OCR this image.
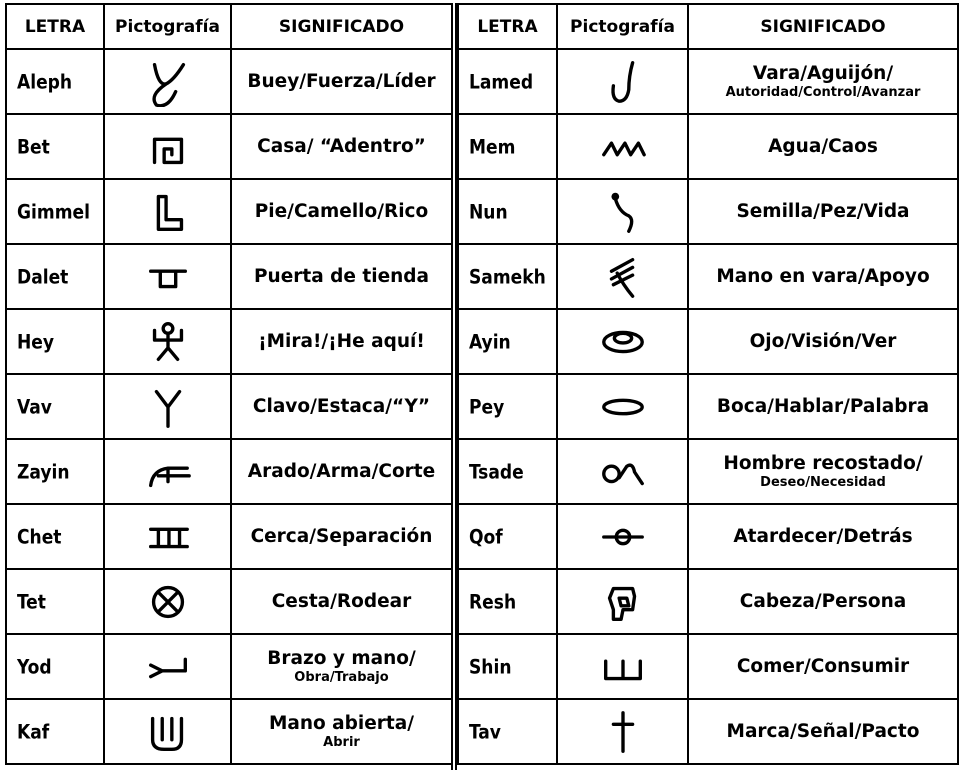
LETRA	Pictografía	SIGNIFICADO
Aleph		Buey/Fuerza/Líder
Bet		Casa/ “Adentro”
Gimmel		Pie/Camello/Rico
Dalet		Puerta de tienda
Hey		¡Mira!/¡He aquí!
Vav		Clavo/Estaca/“Y”
Zayin		Arado/Arma/Corte
Chet		Cerca/Separación
Tet		Cesta/Rodear
Yod		Brazo y mano/
Obra/Trabajo

Kaf		Mano abierta/
Abrir
LETRA	Pictografía	SIGNIFICADO
Lamed		Vara/Aguijón/
Autoridad/Control/Avanzar

Mem		Agua/Caos
Nun		Semilla/Pez/Vida
Samekh		Mano en vara/Apoyo
Ayin		Ojo/Visión/Ver
Pey		Boca/Hablar/Palabra
Tsade		Hombre recostado/
Deseo/Necesidad

Qof		Atardecer/Detrás
Resh		Cabeza/Persona
Shin		Comer/Consumir
Tav		Marca/Señal/Pacto
